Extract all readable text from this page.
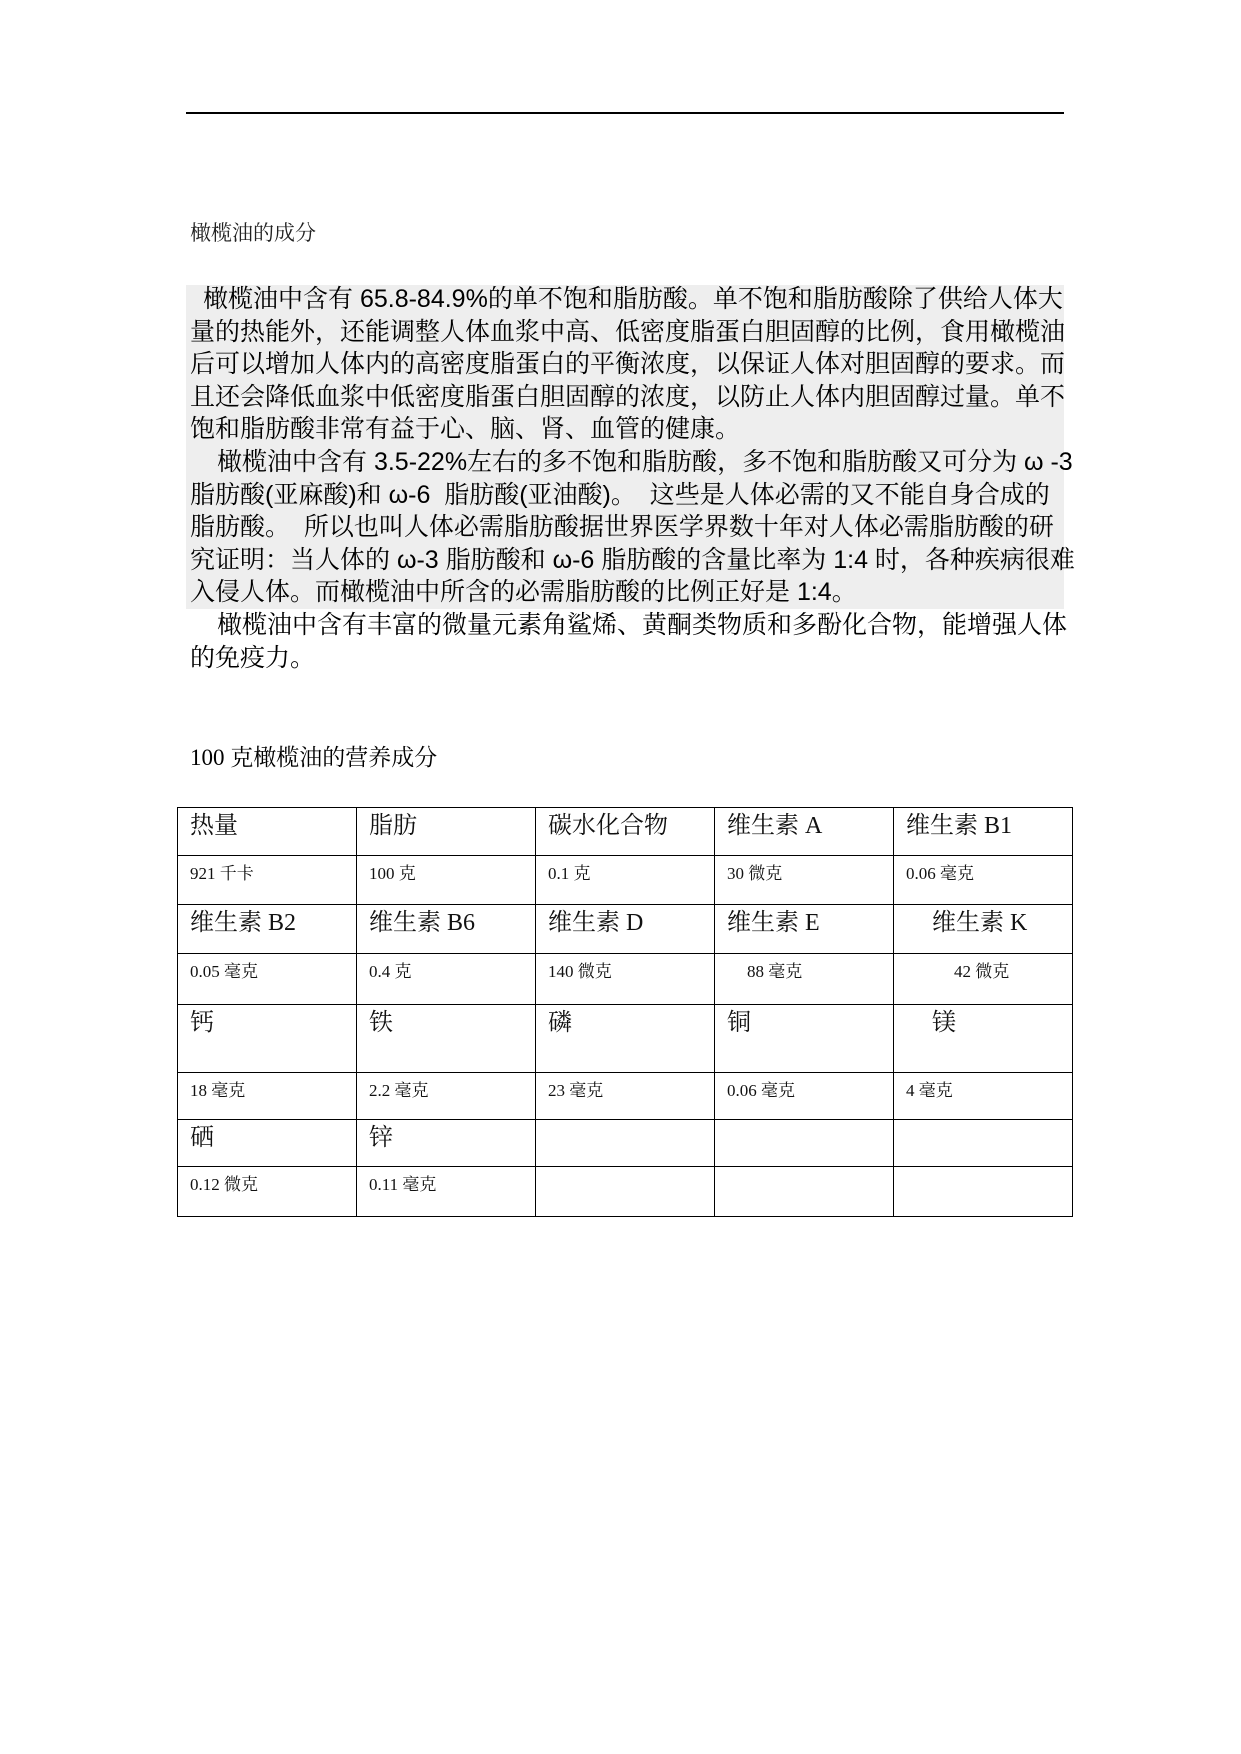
橄榄油的成分
橄榄油中含有 65.8-84.9%的单不饱和脂肪酸。单不饱和脂肪酸除了供给人体大
量的热能外，还能调整人体血浆中高、低密度脂蛋白胆固醇的比例，食用橄榄油
后可以增加人体内的高密度脂蛋白的平衡浓度，以保证人体对胆固醇的要求。而
且还会降低血浆中低密度脂蛋白胆固醇的浓度，以防止人体内胆固醇过量。单不
饱和脂肪酸非常有益于心、脑、肾、血管的健康。
橄榄油中含有 3.5-22%左右的多不饱和脂肪酸，多不饱和脂肪酸又可分为 ω -3
脂肪酸(亚麻酸)和 ω-6  脂肪酸(亚油酸)。  这些是人体必需的又不能自身合成的
脂肪酸。  所以也叫人体必需脂肪酸据世界医学界数十年对人体必需脂肪酸的研
究证明：当人体的 ω-3 脂肪酸和 ω-6 脂肪酸的含量比率为 1:4 时，各种疾病很难
入侵人体。而橄榄油中所含的必需脂肪酸的比例正好是 1:4。
橄榄油中含有丰富的微量元素角鲨烯、黄酮类物质和多酚化合物，能增强人体
的免疫力。
100 克橄榄油的营养成分
热量	脂肪	碳水化合物	维生素 A	维生素 B1
921 千卡	100 克	0.1 克	30 微克	0.06 毫克
维生素 B2	维生素 B6	维生素 D	维生素 E	维生素 K
0.05 毫克	0.4 克	140 微克	88 毫克	42 微克
钙	铁	磷	铜	镁
18 毫克	2.2 毫克	23 毫克	0.06 毫克	4 毫克
硒	锌			
0.12 微克	0.11 毫克			
